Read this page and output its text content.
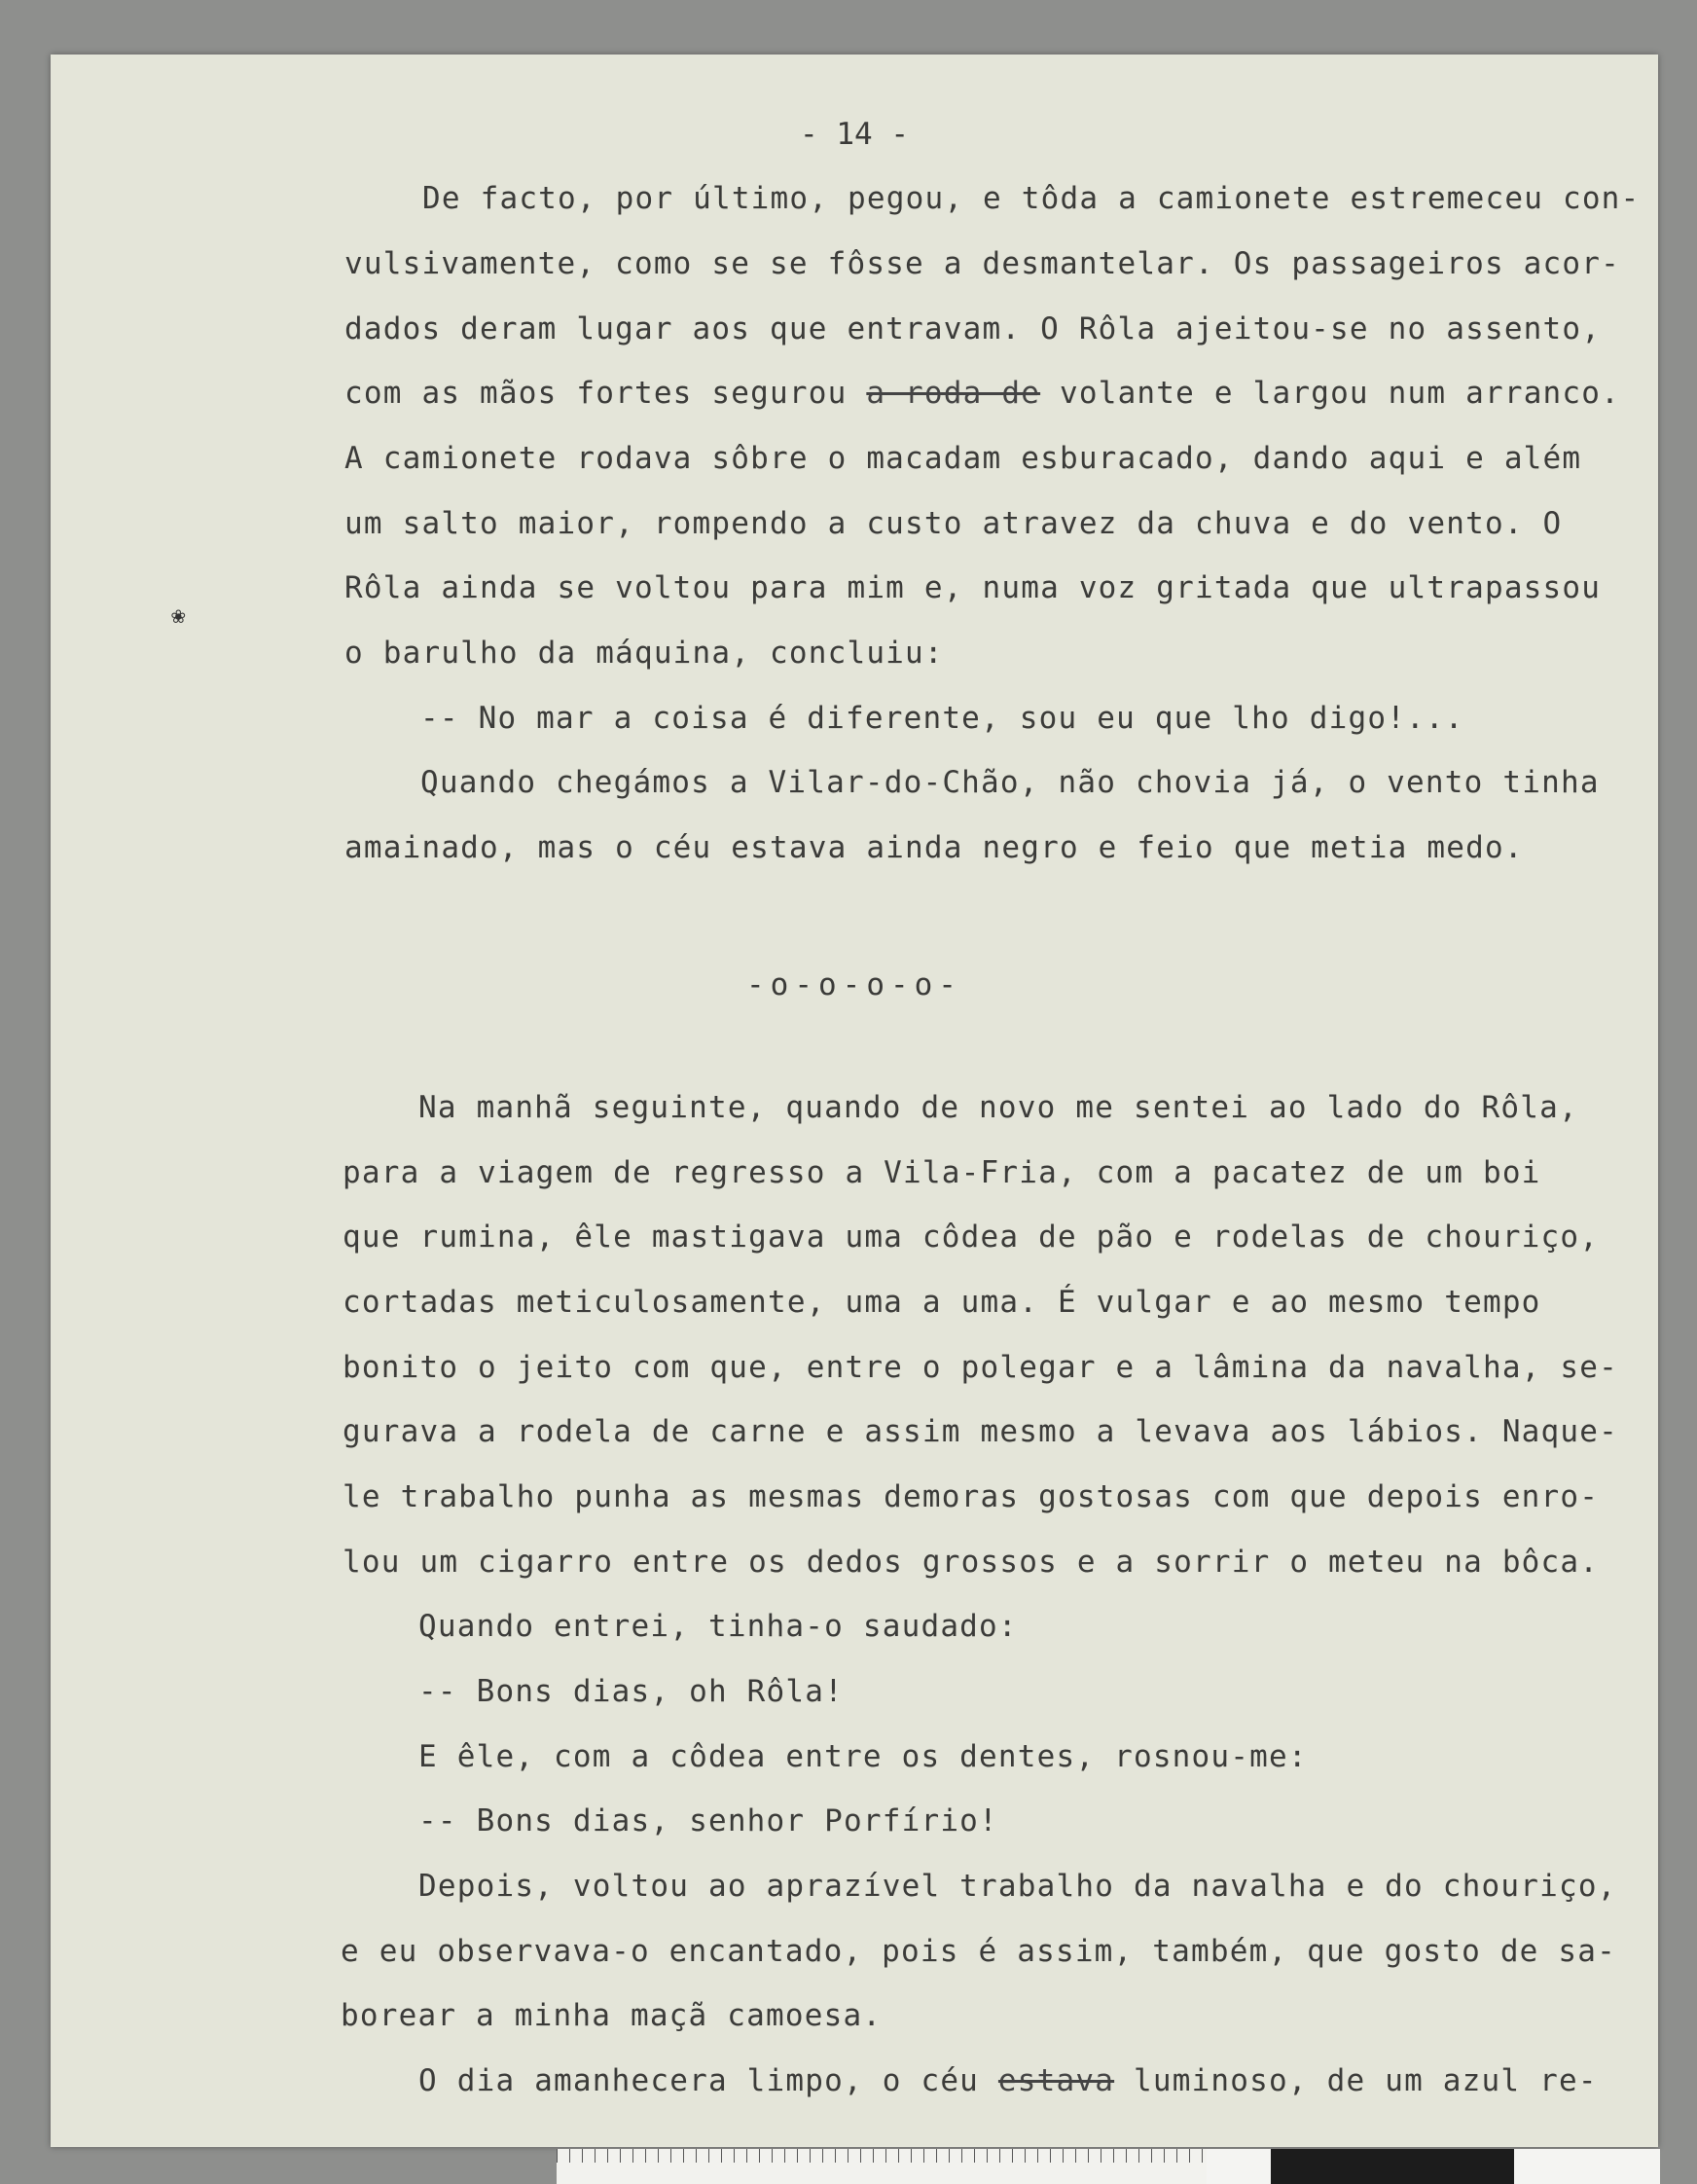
- 14 -
De facto, por último, pegou, e tôda a camionete estremeceu con-
vulsivamente, como se se fôsse a desmantelar. Os passageiros acor-
dados deram lugar aos que entravam. O Rôla ajeitou-se no assento,
com as mãos fortes segurou a roda de volante e largou num arranco.
A camionete rodava sôbre o macadam esburacado, dando aqui e além
um salto maior, rompendo a custo atravez da chuva e do vento. O
Rôla ainda se voltou para mim e, numa voz gritada que ultrapassou
o barulho da máquina, concluiu:
-- No mar a coisa é diferente, sou eu que lho digo!...
Quando chegámos a Vilar-do-Chão, não chovia já, o vento tinha
amainado, mas o céu estava ainda negro e feio que metia medo.
-o-o-o-o-
Na manhã seguinte, quando de novo me sentei ao lado do Rôla,
para a viagem de regresso a Vila-Fria, com a pacatez de um boi
que rumina, êle mastigava uma côdea de pão e rodelas de chouriço,
cortadas meticulosamente, uma a uma. É vulgar e ao mesmo tempo
bonito o jeito com que, entre o polegar e a lâmina da navalha, se-
gurava a rodela de carne e assim mesmo a levava aos lábios. Naque-
le trabalho punha as mesmas demoras gostosas com que depois enro-
lou um cigarro entre os dedos grossos e a sorrir o meteu na bôca.
Quando entrei, tinha-o saudado:
-- Bons dias, oh Rôla!
E êle, com a côdea entre os dentes, rosnou-me:
-- Bons dias, senhor Porfírio!
Depois, voltou ao aprazível trabalho da navalha e do chouriço,
e eu observava-o encantado, pois é assim, também, que gosto de sa-
borear a minha maçã camoesa.
O dia amanhecera limpo, o céu estava luminoso, de um azul re-
❀
